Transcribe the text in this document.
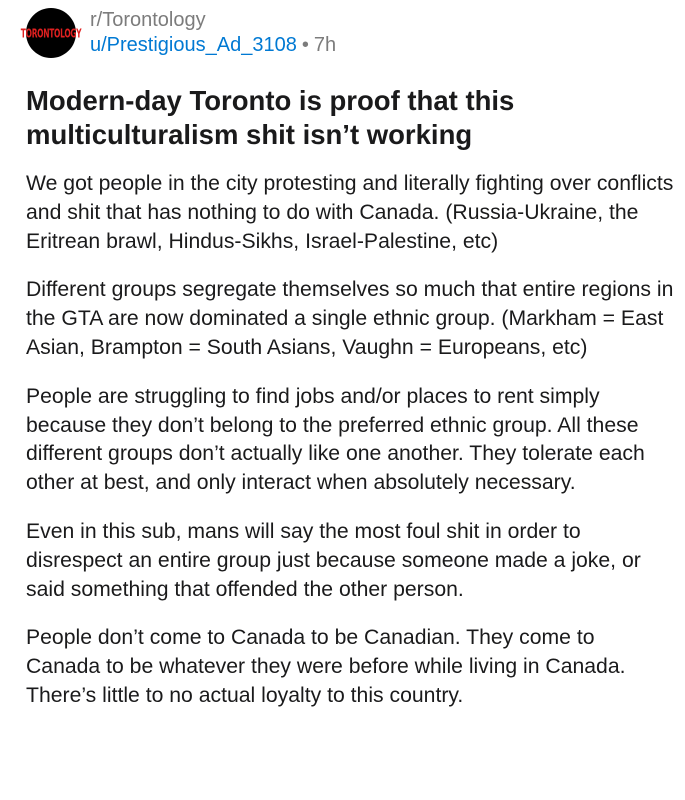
TORONTOLOGY
r/Torontology
u/Prestigious_Ad_3108 • 7h
Modern-day Toronto is proof that this multiculturalism shit isn’t working

We got people in the city protesting and literally fighting over conflicts and shit that has nothing to do with Canada. (Russia-Ukraine, the Eritrean brawl, Hindus-Sikhs, Israel-Palestine, etc)

Different groups segregate themselves so much that entire regions in the GTA are now dominated a single ethnic group. (Markham = East Asian, Brampton = South Asians, Vaughn = Europeans, etc)

People are struggling to find jobs and/or places to rent simply because they don’t belong to the preferred ethnic group. All these different groups don’t actually like one another. They tolerate each other at best, and only interact when absolutely necessary.

Even in this sub, mans will say the most foul shit in order to disrespect an entire group just because someone made a joke, or said something that offended the other person.

People don’t come to Canada to be Canadian. They come to Canada to be whatever they were before while living in Canada. There’s little to no actual loyalty to this country.
